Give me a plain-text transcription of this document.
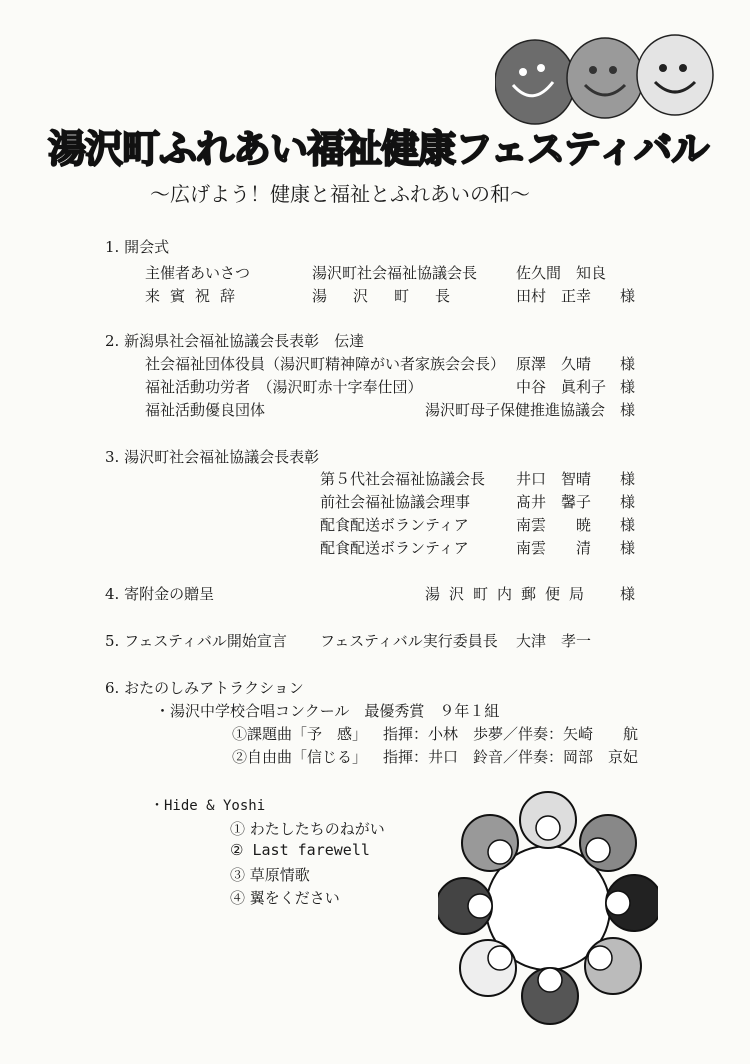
湯沢町ふれあい福祉健康フェスティバル
～広げよう！健康と福祉とふれあいの和～
1. 開会式
主催者あいさつ	湯沢町社会福祉協議会長	佐久間　知良
来賓祝辞	湯沢町長	田村　正幸 様
2. 新潟県社会福祉協議会長表彰　伝達
社会福祉団体役員（湯沢町精神障がい者家族会会長） 原澤　久晴 様
福祉活動功労者　（湯沢町赤十字奉仕団）	中谷　眞利子 様
福祉活動優良団体	湯沢町母子保健推進協議会 様
3. 湯沢町社会福祉協議会長表彰
第５代社会福祉協議会長 井口　智晴 様
前社会福祉協議会理事	髙井　馨子 様
配食配送ボランティア	南雲　　暁 様
配食配送ボランティア	南雲　　清 様
4. 寄附金の贈呈	湯沢町内郵便局 様
5. フェスティバル開始宣言 フェスティバル実行委員長 大津　孝一
6. おたのしみアトラクション
・湯沢中学校合唱コンクール　最優秀賞　９年１組
①課題曲「予　感」 指揮：小林　歩夢／伴奏：矢崎　　航
②自由曲「信じる」 指揮：井口　鈴音／伴奏：岡部　京妃
・Hide & Yoshi
① わたしたちのねがい
② Last farewell
③ 草原情歌
④ 翼をください
